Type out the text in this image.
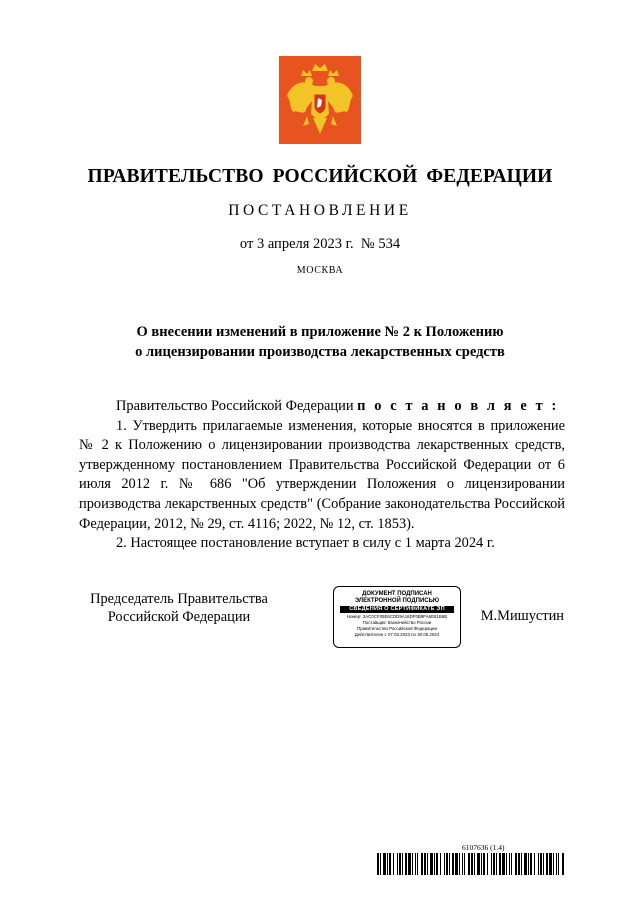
ПРАВИТЕЛЬСТВО РОССИЙСКОЙ ФЕДЕРАЦИИ
ПОСТАНОВЛЕНИЕ
от 3 апреля 2023 г. № 534
МОСКВА
О внесении изменений в приложение № 2 к Положению
о лицензировании производства лекарственных средств

Правительство Российской Федерации п о с т а н о в л я е т :

1. Утвердить прилагаемые изменения, которые вносятся в приложение № 2 к Положению о лицензировании производства лекарственных средств, утвержденному постановлением Правительства Российской Федерации от 6 июля 2012 г. № 686 "Об утверждении Положения о лицензировании производства лекарственных средств" (Собрание законодательства Российской Федерации, 2012, № 29, ст. 4116; 2022, № 12, ст. 1853).

2. Настоящее постановление вступает в силу с 1 марта 2024 г.

Председатель Правительства
Российской Федерации
ДОКУМЕНТ ПОДПИСАН
ЭЛЕКТРОННОЙ ПОДПИСЬЮ
СВЕДЕНИЯ О СЕРТИФИКАТЕ ЭП
Номер: 3AC0CF05E6CDD9A16DF0B9FA6E81B6B
Поставщик: Казначейство России
Правительство Российской Федерации
Действителен с 07.03.2023 по 30.05.2024
М.Мишустин
6107636 (1.4)
